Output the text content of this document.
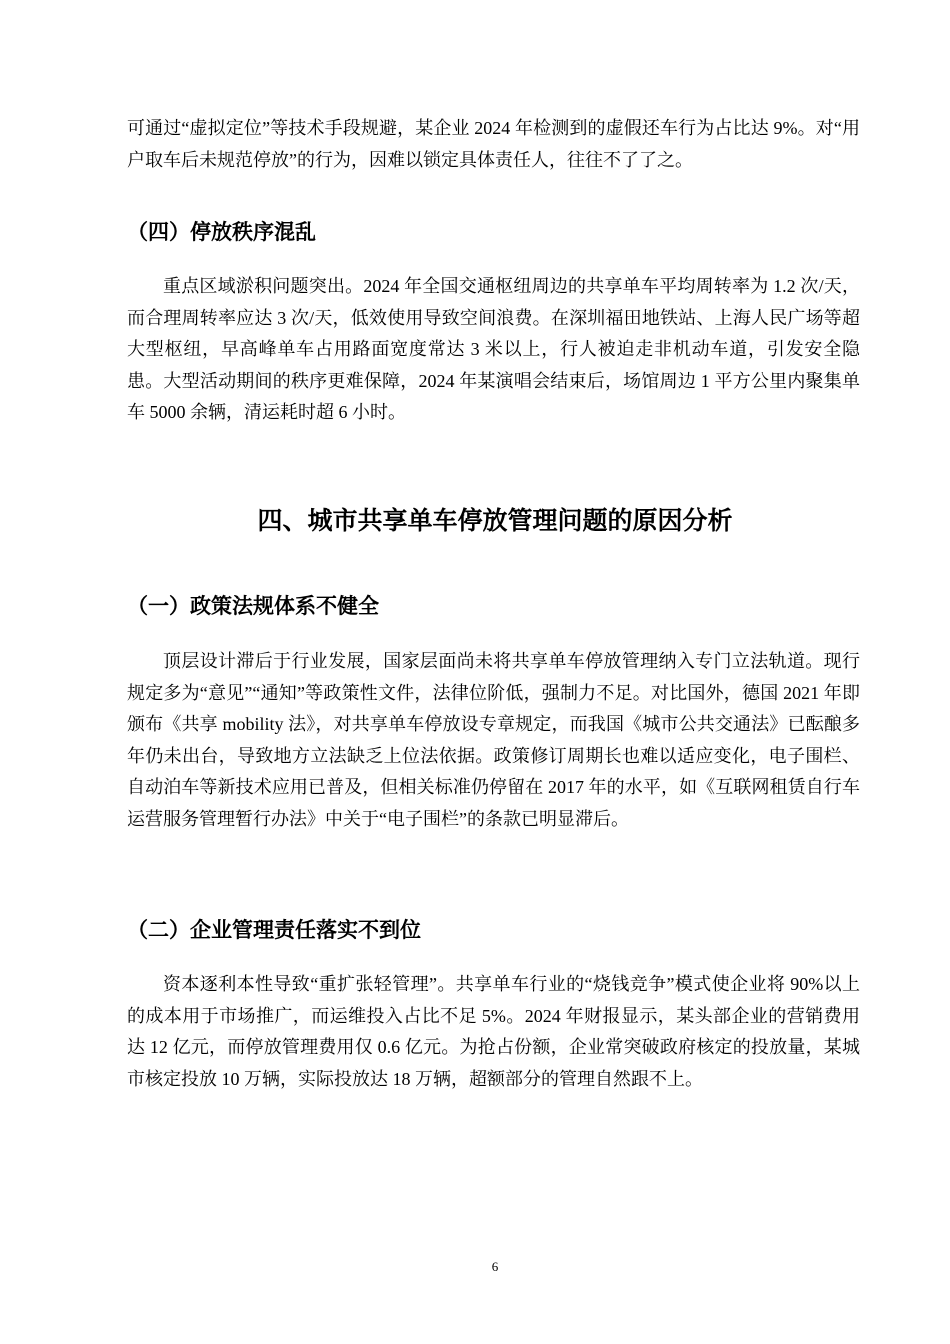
可通过“虚拟定位”等技术手段规避，某企业 2024 年检测到的虚假还车行为占比达 9%。对“用户取车后未规范停放”的行为，因难以锁定具体责任人，往往不了了之。

（四）停放秩序混乱

重点区域淤积问题突出。2024 年全国交通枢纽周边的共享单车平均周转率为 1.2 次/天，而合理周转率应达 3 次/天，低效使用导致空间浪费。在深圳福田地铁站、上海人民广场等超大型枢纽，早高峰单车占用路面宽度常达 3 米以上，行人被迫走非机动车道，引发安全隐患。大型活动期间的秩序更难保障，2024 年某演唱会结束后，场馆周边 1 平方公里内聚集单车 5000 余辆，清运耗时超 6 小时。

四、城市共享单车停放管理问题的原因分析
（一）政策法规体系不健全

顶层设计滞后于行业发展，国家层面尚未将共享单车停放管理纳入专门立法轨道。现行规定多为“意见”“通知”等政策性文件，法律位阶低，强制力不足。对比国外，德国 2021 年即颁布《共享 mobility 法》，对共享单车停放设专章规定，而我国《城市公共交通法》已酝酿多年仍未出台，导致地方立法缺乏上位法依据。政策修订周期长也难以适应变化，电子围栏、自动泊车等新技术应用已普及，但相关标准仍停留在 2017 年的水平，如《互联网租赁自行车运营服务管理暂行办法》中关于“电子围栏”的条款已明显滞后。

（二）企业管理责任落实不到位

资本逐利本性导致“重扩张轻管理”。共享单车行业的“烧钱竞争”模式使企业将 90%以上的成本用于市场推广，而运维投入占比不足 5%。2024 年财报显示，某头部企业的营销费用达 12 亿元，而停放管理费用仅 0.6 亿元。为抢占份额，企业常突破政府核定的投放量，某城市核定投放 10 万辆，实际投放达 18 万辆，超额部分的管理自然跟不上。

6
